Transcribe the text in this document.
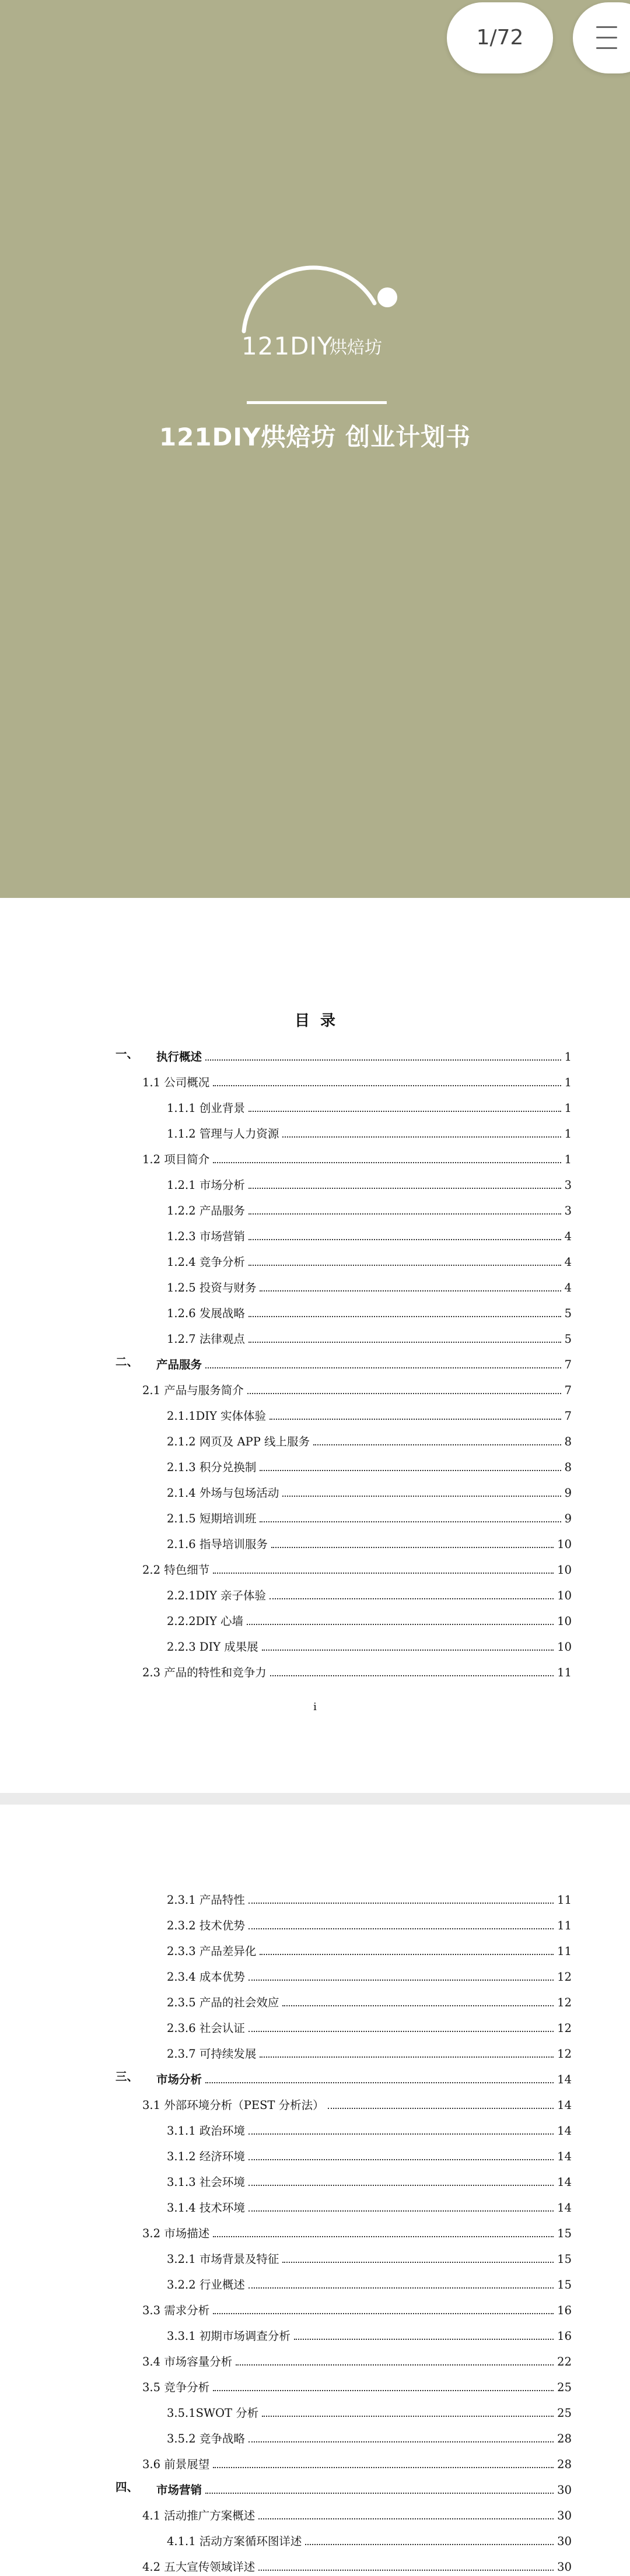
121DIY
烘焙坊
121DIY烘焙坊 创业计划书
1/72
目录
一、 执行概述	1
1.1 公司概况	1
1.1.1 创业背景	1
1.1.2 管理与人力资源	1
1.2 项目简介	1
1.2.1 市场分析	3
1.2.2 产品服务	3
1.2.3 市场营销	4
1.2.4 竞争分析	4
1.2.5 投资与财务	4
1.2.6 发展战略	5
1.2.7 法律观点	5
二、 产品服务	7
2.1 产品与服务简介	7
2.1.1DIY 实体体验	7
2.1.2 网页及 APP 线上服务	8
2.1.3 积分兑换制	8
2.1.4 外场与包场活动	9
2.1.5 短期培训班	9
2.1.6 指导培训服务	10
2.2 特色细节	10
2.2.1DIY 亲子体验	10
2.2.2DIY 心墙	10
2.2.3 DIY 成果展	10
2.3 产品的特性和竞争力	11
i
2.3.1 产品特性	11
2.3.2 技术优势	11
2.3.3 产品差异化	11
2.3.4 成本优势	12
2.3.5 产品的社会效应	12
2.3.6 社会认证	12
2.3.7 可持续发展	12
三、 市场分析	14
3.1 外部环境分析（PEST 分析法）	14
3.1.1 政治环境	14
3.1.2 经济环境	14
3.1.3 社会环境	14
3.1.4 技术环境	14
3.2 市场描述	15
3.2.1 市场背景及特征	15
3.2.2 行业概述	15
3.3 需求分析	16
3.3.1 初期市场调查分析	16
3.4 市场容量分析	22
3.5 竞争分析	25
3.5.1SWOT 分析	25
3.5.2 竞争战略	28
3.6 前景展望	28
四、 市场营销	30
4.1 活动推广方案概述	30
4.1.1 活动方案循环图详述	30
4.2 五大宣传领域详述	30
